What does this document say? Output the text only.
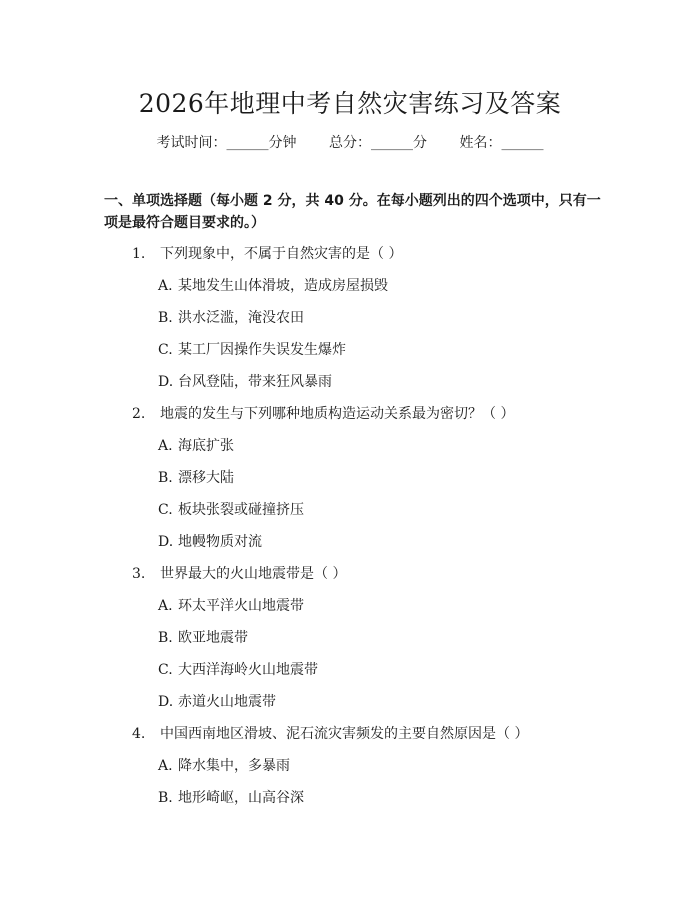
2026年地理中考自然灾害练习及答案
考试时间：______分钟 总分：______分 姓名：______

一、单项选择题（每小题 2 分，共 40 分。在每小题列出的四个选项中，只有一项是最符合题目要求的。）

1. 下列现象中，不属于自然灾害的是（ ）
A. 某地发生山体滑坡，造成房屋损毁
B. 洪水泛滥，淹没农田
C. 某工厂因操作失误发生爆炸
D. 台风登陆，带来狂风暴雨
2. 地震的发生与下列哪种地质构造运动关系最为密切？（ ）
A. 海底扩张
B. 漂移大陆
C. 板块张裂或碰撞挤压
D. 地幔物质对流
3. 世界最大的火山地震带是（ ）
A. 环太平洋火山地震带
B. 欧亚地震带
C. 大西洋海岭火山地震带
D. 赤道火山地震带
4. 中国西南地区滑坡、泥石流灾害频发的主要自然原因是（ ）
A. 降水集中，多暴雨
B. 地形崎岖，山高谷深
